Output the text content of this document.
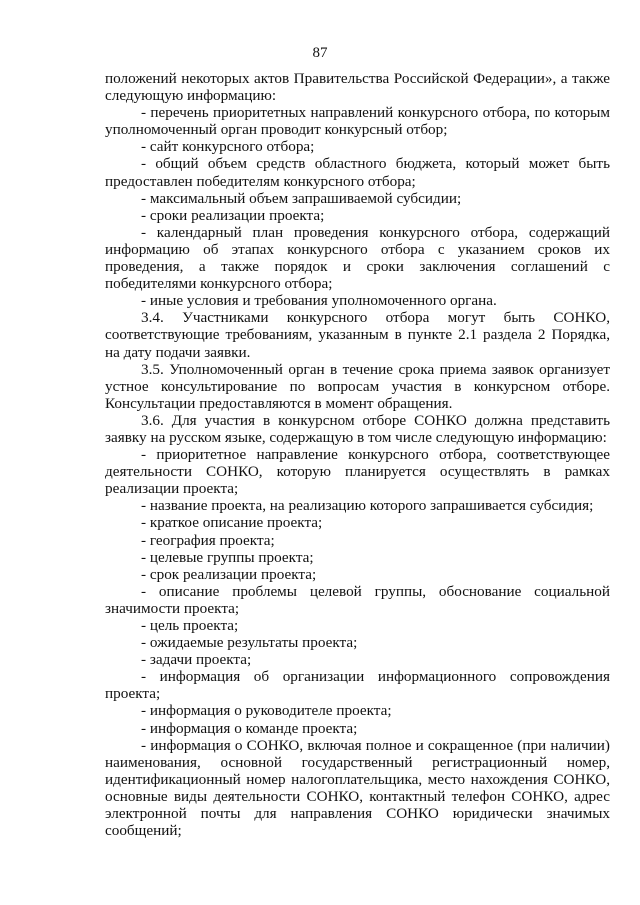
87

положений некоторых актов Правительства Российской Федерации», а также следующую информацию:

- перечень приоритетных направлений конкурсного отбора, по которым уполномоченный орган проводит конкурсный отбор;

- сайт конкурсного отбора;

- общий объем средств областного бюджета, который может быть предоставлен победителям конкурсного отбора;

- максимальный объем запрашиваемой субсидии;

- сроки реализации проекта;

- календарный план проведения конкурсного отбора, содержащий информацию об этапах конкурсного отбора с указанием сроков их проведения, а также порядок и сроки заключения соглашений с победителями конкурсного отбора;

- иные условия и требования уполномоченного органа.

3.4. Участниками конкурсного отбора могут быть СОНКО, соответствующие требованиям, указанным в пункте 2.1 раздела 2 Порядка, на дату подачи заявки.

3.5. Уполномоченный орган в течение срока приема заявок организует устное консультирование по вопросам участия в конкурсном отборе. Консультации предоставляются в момент обращения.

3.6. Для участия в конкурсном отборе СОНКО должна представить заявку на русском языке, содержащую в том числе следующую информацию:

- приоритетное направление конкурсного отбора, соответствующее деятельности СОНКО, которую планируется осуществлять в рамках реализации проекта;

- название проекта, на реализацию которого запрашивается субсидия;

- краткое описание проекта;

- география проекта;

- целевые группы проекта;

- срок реализации проекта;

- описание проблемы целевой группы, обоснование социальной значимости проекта;

- цель проекта;

- ожидаемые результаты проекта;

- задачи проекта;

- информация об организации информационного сопровождения проекта;

- информация о руководителе проекта;

- информация о команде проекта;

- информация о СОНКО, включая полное и сокращенное (при наличии) наименования, основной государственный регистрационный номер, идентификационный номер налогоплательщика, место нахождения СОНКО, основные виды деятельности СОНКО, контактный телефон СОНКО, адрес электронной почты для направления СОНКО юридически значимых сообщений;
